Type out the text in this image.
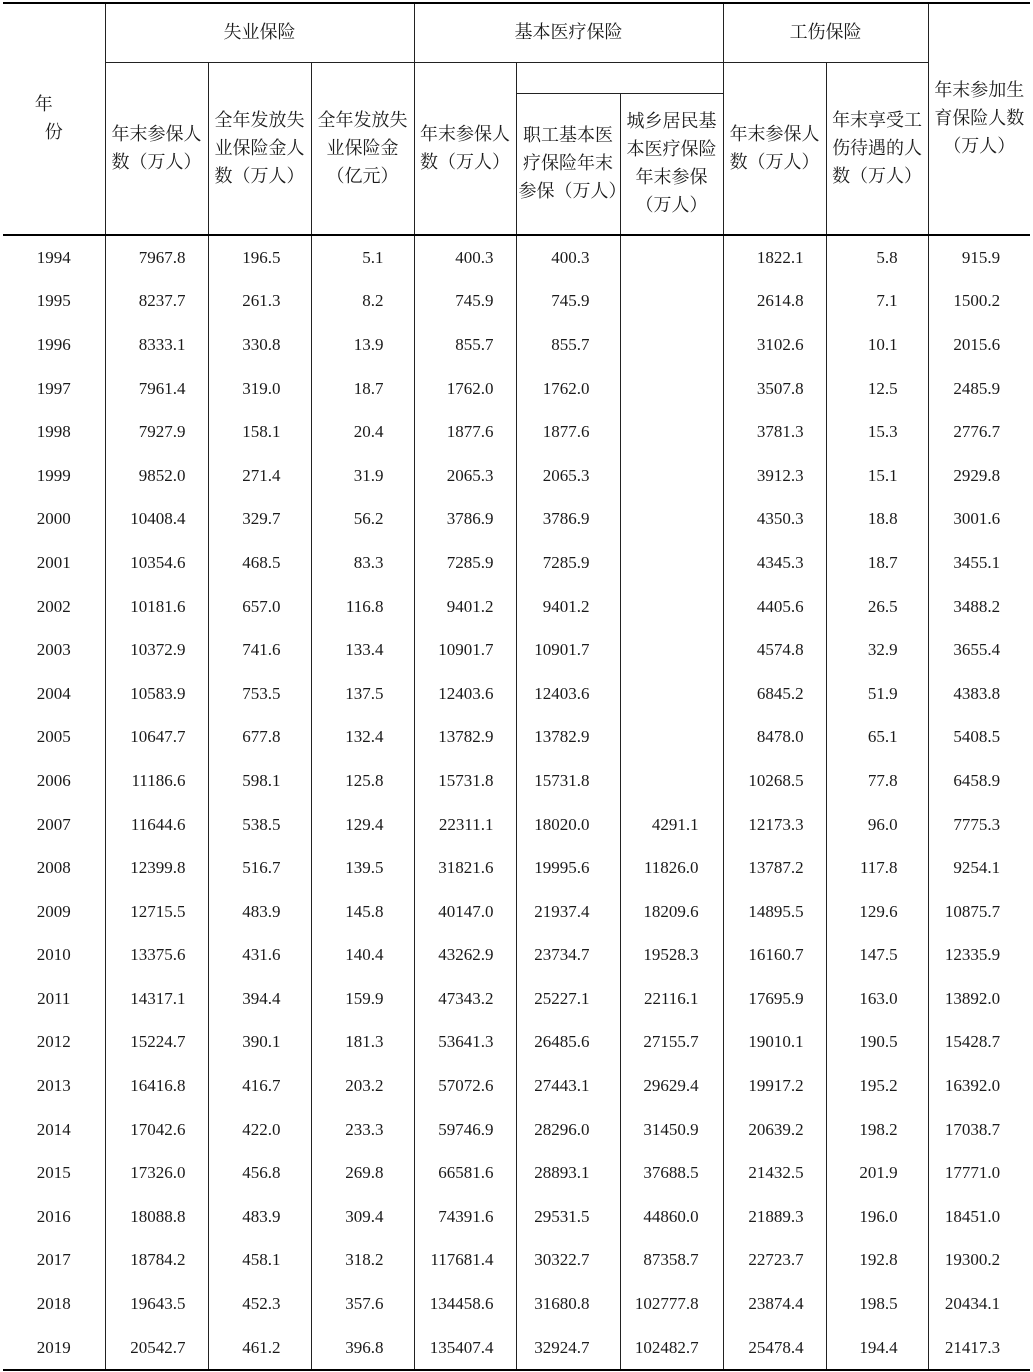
年 份	失业保险			基本医疗保险			工伤保险		年末参加生育保险人数（万人）
	年末参保人数（万人）	全年发放失业保险金人数（万人）	全年发放失业保险金（亿元）	年末参保人数（万人）			年末参保人数（万人）	年末享受工伤待遇的人数（万人）	
					职工基本医疗保险年末参保（万人）	城乡居民基本医疗保险年末参保（万人）			
1994	7967.8	196.5	5.1	400.3	400.3		1822.1	5.8	915.9
1995	8237.7	261.3	8.2	745.9	745.9		2614.8	7.1	1500.2
1996	8333.1	330.8	13.9	855.7	855.7		3102.6	10.1	2015.6
1997	7961.4	319.0	18.7	1762.0	1762.0		3507.8	12.5	2485.9
1998	7927.9	158.1	20.4	1877.6	1877.6		3781.3	15.3	2776.7
1999	9852.0	271.4	31.9	2065.3	2065.3		3912.3	15.1	2929.8
2000	10408.4	329.7	56.2	3786.9	3786.9		4350.3	18.8	3001.6
2001	10354.6	468.5	83.3	7285.9	7285.9		4345.3	18.7	3455.1
2002	10181.6	657.0	116.8	9401.2	9401.2		4405.6	26.5	3488.2
2003	10372.9	741.6	133.4	10901.7	10901.7		4574.8	32.9	3655.4
2004	10583.9	753.5	137.5	12403.6	12403.6		6845.2	51.9	4383.8
2005	10647.7	677.8	132.4	13782.9	13782.9		8478.0	65.1	5408.5
2006	11186.6	598.1	125.8	15731.8	15731.8		10268.5	77.8	6458.9
2007	11644.6	538.5	129.4	22311.1	18020.0	4291.1	12173.3	96.0	7775.3
2008	12399.8	516.7	139.5	31821.6	19995.6	11826.0	13787.2	117.8	9254.1
2009	12715.5	483.9	145.8	40147.0	21937.4	18209.6	14895.5	129.6	10875.7
2010	13375.6	431.6	140.4	43262.9	23734.7	19528.3	16160.7	147.5	12335.9
2011	14317.1	394.4	159.9	47343.2	25227.1	22116.1	17695.9	163.0	13892.0
2012	15224.7	390.1	181.3	53641.3	26485.6	27155.7	19010.1	190.5	15428.7
2013	16416.8	416.7	203.2	57072.6	27443.1	29629.4	19917.2	195.2	16392.0
2014	17042.6	422.0	233.3	59746.9	28296.0	31450.9	20639.2	198.2	17038.7
2015	17326.0	456.8	269.8	66581.6	28893.1	37688.5	21432.5	201.9	17771.0
2016	18088.8	483.9	309.4	74391.6	29531.5	44860.0	21889.3	196.0	18451.0
2017	18784.2	458.1	318.2	117681.4	30322.7	87358.7	22723.7	192.8	19300.2
2018	19643.5	452.3	357.6	134458.6	31680.8	102777.8	23874.4	198.5	20434.1
2019	20542.7	461.2	396.8	135407.4	32924.7	102482.7	25478.4	194.4	21417.3
